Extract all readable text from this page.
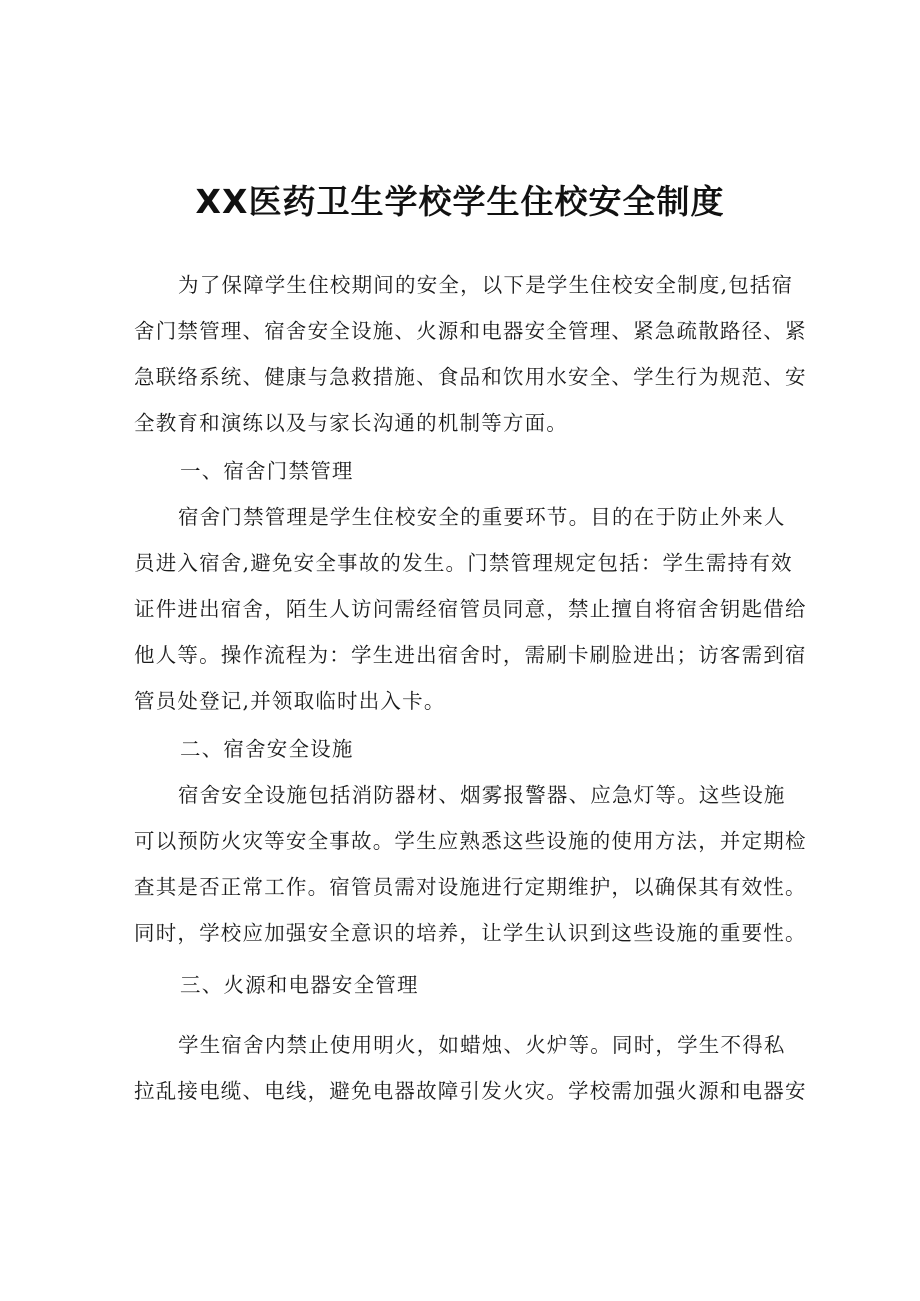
XX医药卫生学校学生住校安全制度
为了保障学生住校期间的安全，以下是学生住校安全制度,包括宿
舍门禁管理、宿舍安全设施、火源和电器安全管理、紧急疏散路径、紧
急联络系统、健康与急救措施、食品和饮用水安全、学生行为规范、安
全教育和演练以及与家长沟通的机制等方面。
一、宿舍门禁管理
宿舍门禁管理是学生住校安全的重要环节。目的在于防止外来人
员进入宿舍,避免安全事故的发生。门禁管理规定包括：学生需持有效
证件进出宿舍，陌生人访问需经宿管员同意，禁止擅自将宿舍钥匙借给
他人等。操作流程为：学生进出宿舍时，需刷卡刷脸进出；访客需到宿
管员处登记,并领取临时出入卡。
二、宿舍安全设施
宿舍安全设施包括消防器材、烟雾报警器、应急灯等。这些设施
可以预防火灾等安全事故。学生应熟悉这些设施的使用方法，并定期检
查其是否正常工作。宿管员需对设施进行定期维护，以确保其有效性。
同时，学校应加强安全意识的培养，让学生认识到这些设施的重要性。
三、火源和电器安全管理
学生宿舍内禁止使用明火，如蜡烛、火炉等。同时，学生不得私
拉乱接电缆、电线，避免电器故障引发火灾。学校需加强火源和电器安
